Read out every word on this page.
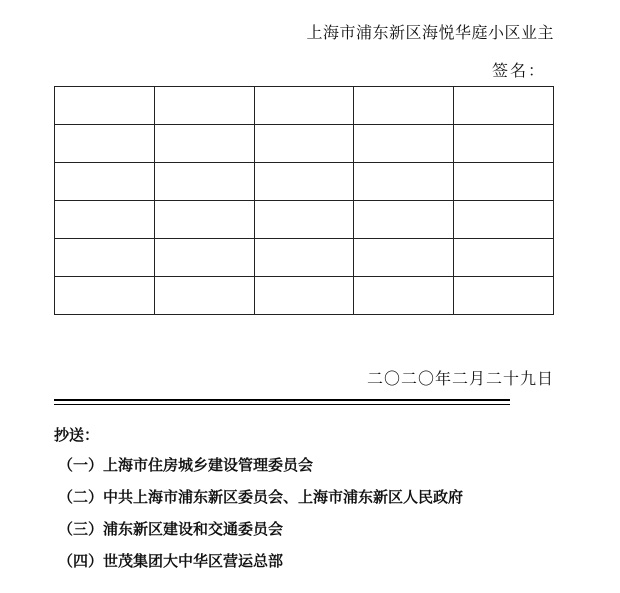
上海市浦东新区海悦华庭小区业主
签名：

二〇二〇年二月二十九日
抄送：
（一）上海市住房城乡建设管理委员会
（二）中共上海市浦东新区委员会、上海市浦东新区人民政府
（三）浦东新区建设和交通委员会
（四）世茂集团大中华区营运总部
